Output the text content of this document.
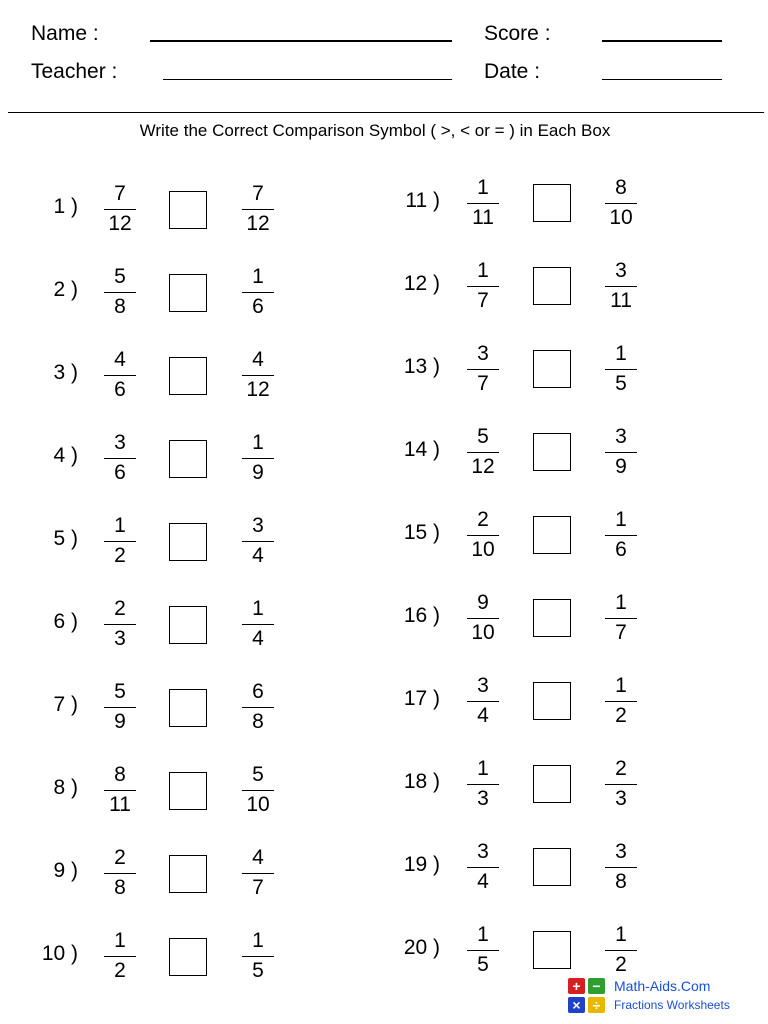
Name :
Teacher :
Score :
Date :
Write the Correct Comparison Symbol ( >, < or = ) in Each Box
1 )
7
12
7
12
2 )
5
8
1
6
3 )
4
6
4
12
4 )
3
6
1
9
5 )
1
2
3
4
6 )
2
3
1
4
7 )
5
9
6
8
8 )
8
11
5
10
9 )
2
8
4
7
10 )
1
2
1
5
11 )
1
11
8
10
12 )
1
7
3
11
13 )
3
7
1
5
14 )
5
12
3
9
15 )
2
10
1
6
16 )
9
10
1
7
17 )
3
4
1
2
18 )
1
3
2
3
19 )
3
4
3
8
20 )
1
5
1
2
+ −
× ÷
Math-Aids.Com
Fractions Worksheets
